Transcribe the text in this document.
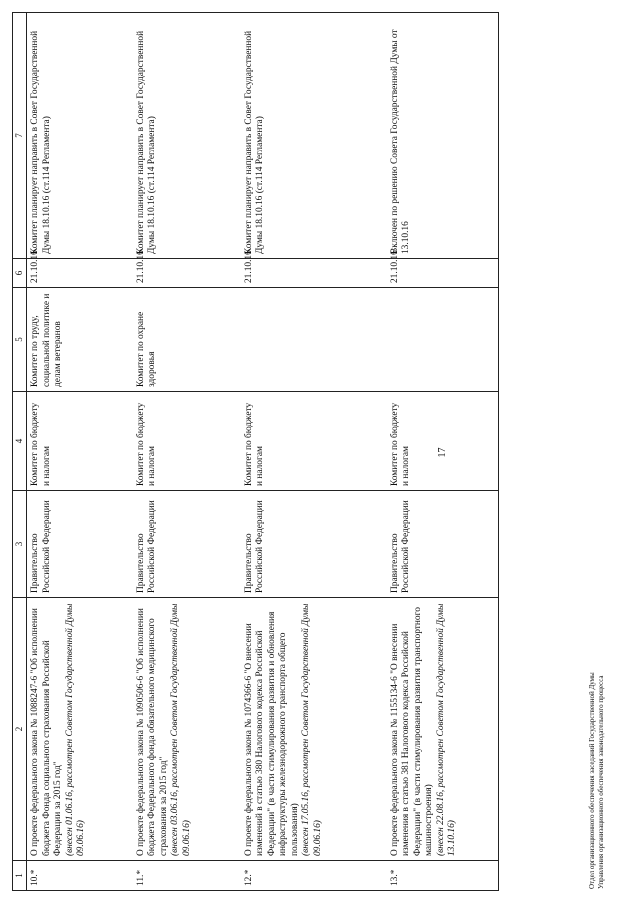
17
1	2	3	4	5	6	7
10.*	О проекте федерального закона № 1088247-6 "Об исполнении бюджета Фонда социального страхования Российской Федерации за 2015 год" (внесен 01.06.16, рассмотрен Советом Государственной Думы 09.06.16)	Правительство Российской Федерации	Комитет по бюджету и налогам	Комитет по труду, социальной политике и делам ветеранов	21.10.16	Комитет планирует направить в Совет Государственной Думы 18.10.16 (ст.114 Регламента)
11.*	О проекте федерального закона № 1090506-6 "Об исполнении бюджета Федерального фонда обязательного медицинского страхования за 2015 год" (внесен 03.06.16, рассмотрен Советом Государственной Думы 09.06.16)	Правительство Российской Федерации	Комитет по бюджету и налогам	Комитет по охране здоровья	21.10.16	Комитет планирует направить в Совет Государственной Думы 18.10.16 (ст.114 Регламента)
12.*	О проекте федерального закона № 1074366-6 "О внесении изменений в статью 380 Налогового кодекса Российской Федерации" (в части стимулирования развития и обновления инфраструктуры железнодорожного транспорта общего пользования) (внесен 17.05.16, рассмотрен Советом Государственной Думы 09.06.16)	Правительство Российской Федерации	Комитет по бюджету и налогам		21.10.16	Комитет планирует направить в Совет Государственной Думы 18.10.16 (ст.114 Регламента)
13.*	О проекте федерального закона № 1155134-6 "О внесении изменения в статью 381 Налогового кодекса Российской Федерации" (в части стимулирования развития транспортного машиностроения) (внесен 22.08.16, рассмотрен Советом Государственной Думы 13.10.16)	Правительство Российской Федерации	Комитет по бюджету и налогам		21.10.16	Включен по решению Совета Государственной Думы от 13.10.16
Отдел организационного обеспечения заседаний Государственной Думы Управления организационного обеспечения законодательного процесса
